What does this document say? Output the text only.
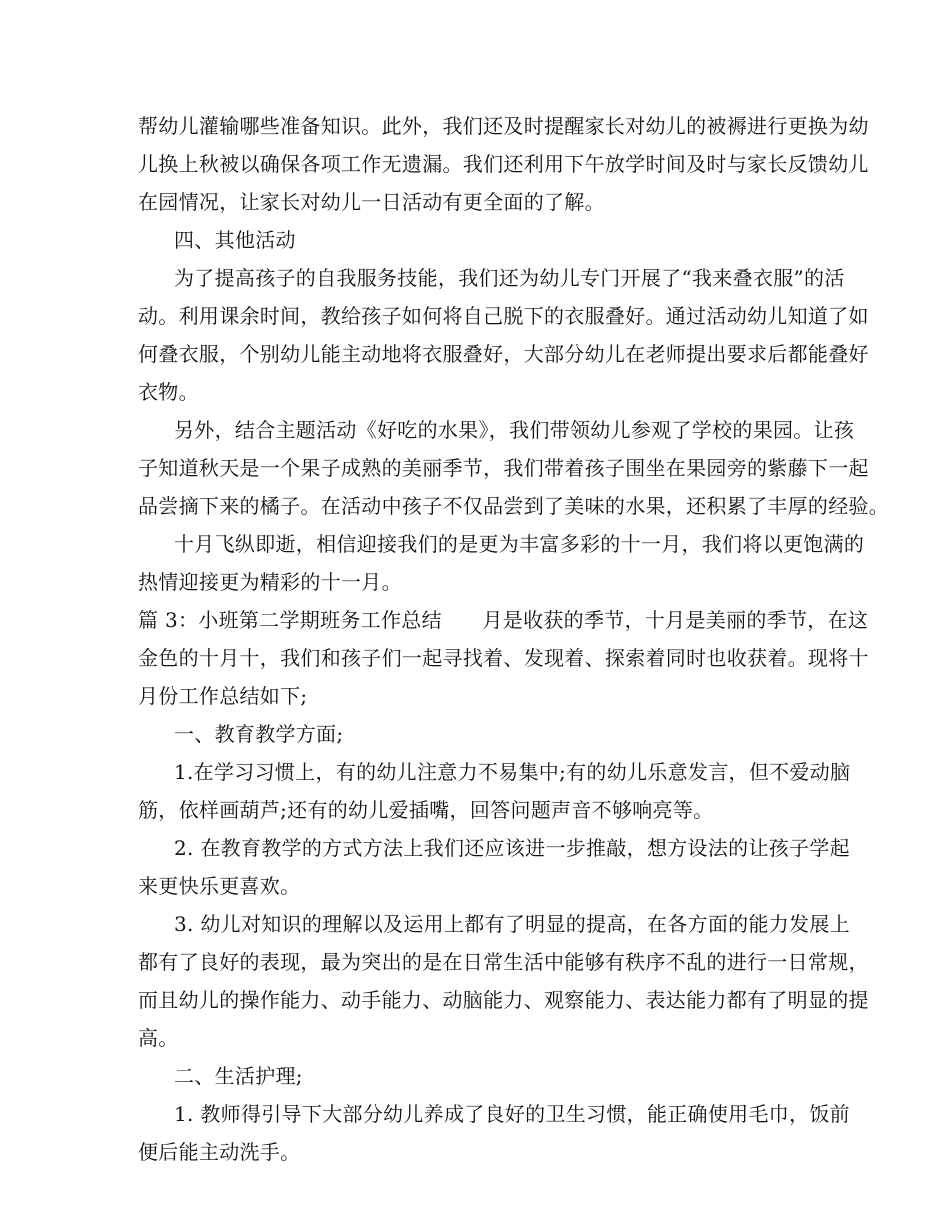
帮幼儿灌输哪些准备知识。此外，我们还及时提醒家长对幼儿的被褥进行更换为幼
儿换上秋被以确保各项工作无遗漏。我们还利用下午放学时间及时与家长反馈幼儿
在园情况，让家长对幼儿一日活动有更全面的了解。
四、其他活动
为了提高孩子的自我服务技能，我们还为幼儿专门开展了“我来叠衣服”的活
动。利用课余时间，教给孩子如何将自己脱下的衣服叠好。通过活动幼儿知道了如
何叠衣服，个别幼儿能主动地将衣服叠好，大部分幼儿在老师提出要求后都能叠好
衣物。
另外，结合主题活动《好吃的水果》，我们带领幼儿参观了学校的果园。让孩
子知道秋天是一个果子成熟的美丽季节，我们带着孩子围坐在果园旁的紫藤下一起
品尝摘下来的橘子。在活动中孩子不仅品尝到了美味的水果，还积累了丰厚的经验。
十月飞纵即逝，相信迎接我们的是更为丰富多彩的十一月，我们将以更饱满的
热情迎接更为精彩的十一月。
篇 3：小班第二学期班务工作总结　　月是收获的季节，十月是美丽的季节，在这
金色的十月十，我们和孩子们一起寻找着、发现着、探索着同时也收获着。现将十
月份工作总结如下;
一、教育教学方面;
1.在学习习惯上，有的幼儿注意力不易集中;有的幼儿乐意发言，但不爱动脑
筋，依样画葫芦;还有的幼儿爱插嘴，回答问题声音不够响亮等。
2. 在教育教学的方式方法上我们还应该进一步推敲，想方设法的让孩子学起
来更快乐更喜欢。
3. 幼儿对知识的理解以及运用上都有了明显的提高，在各方面的能力发展上
都有了良好的表现，最为突出的是在日常生活中能够有秩序不乱的进行一日常规，
而且幼儿的操作能力、动手能力、动脑能力、观察能力、表达能力都有了明显的提
高。
二、生活护理;
1. 教师得引导下大部分幼儿养成了良好的卫生习惯，能正确使用毛巾，饭前
便后能主动洗手。
